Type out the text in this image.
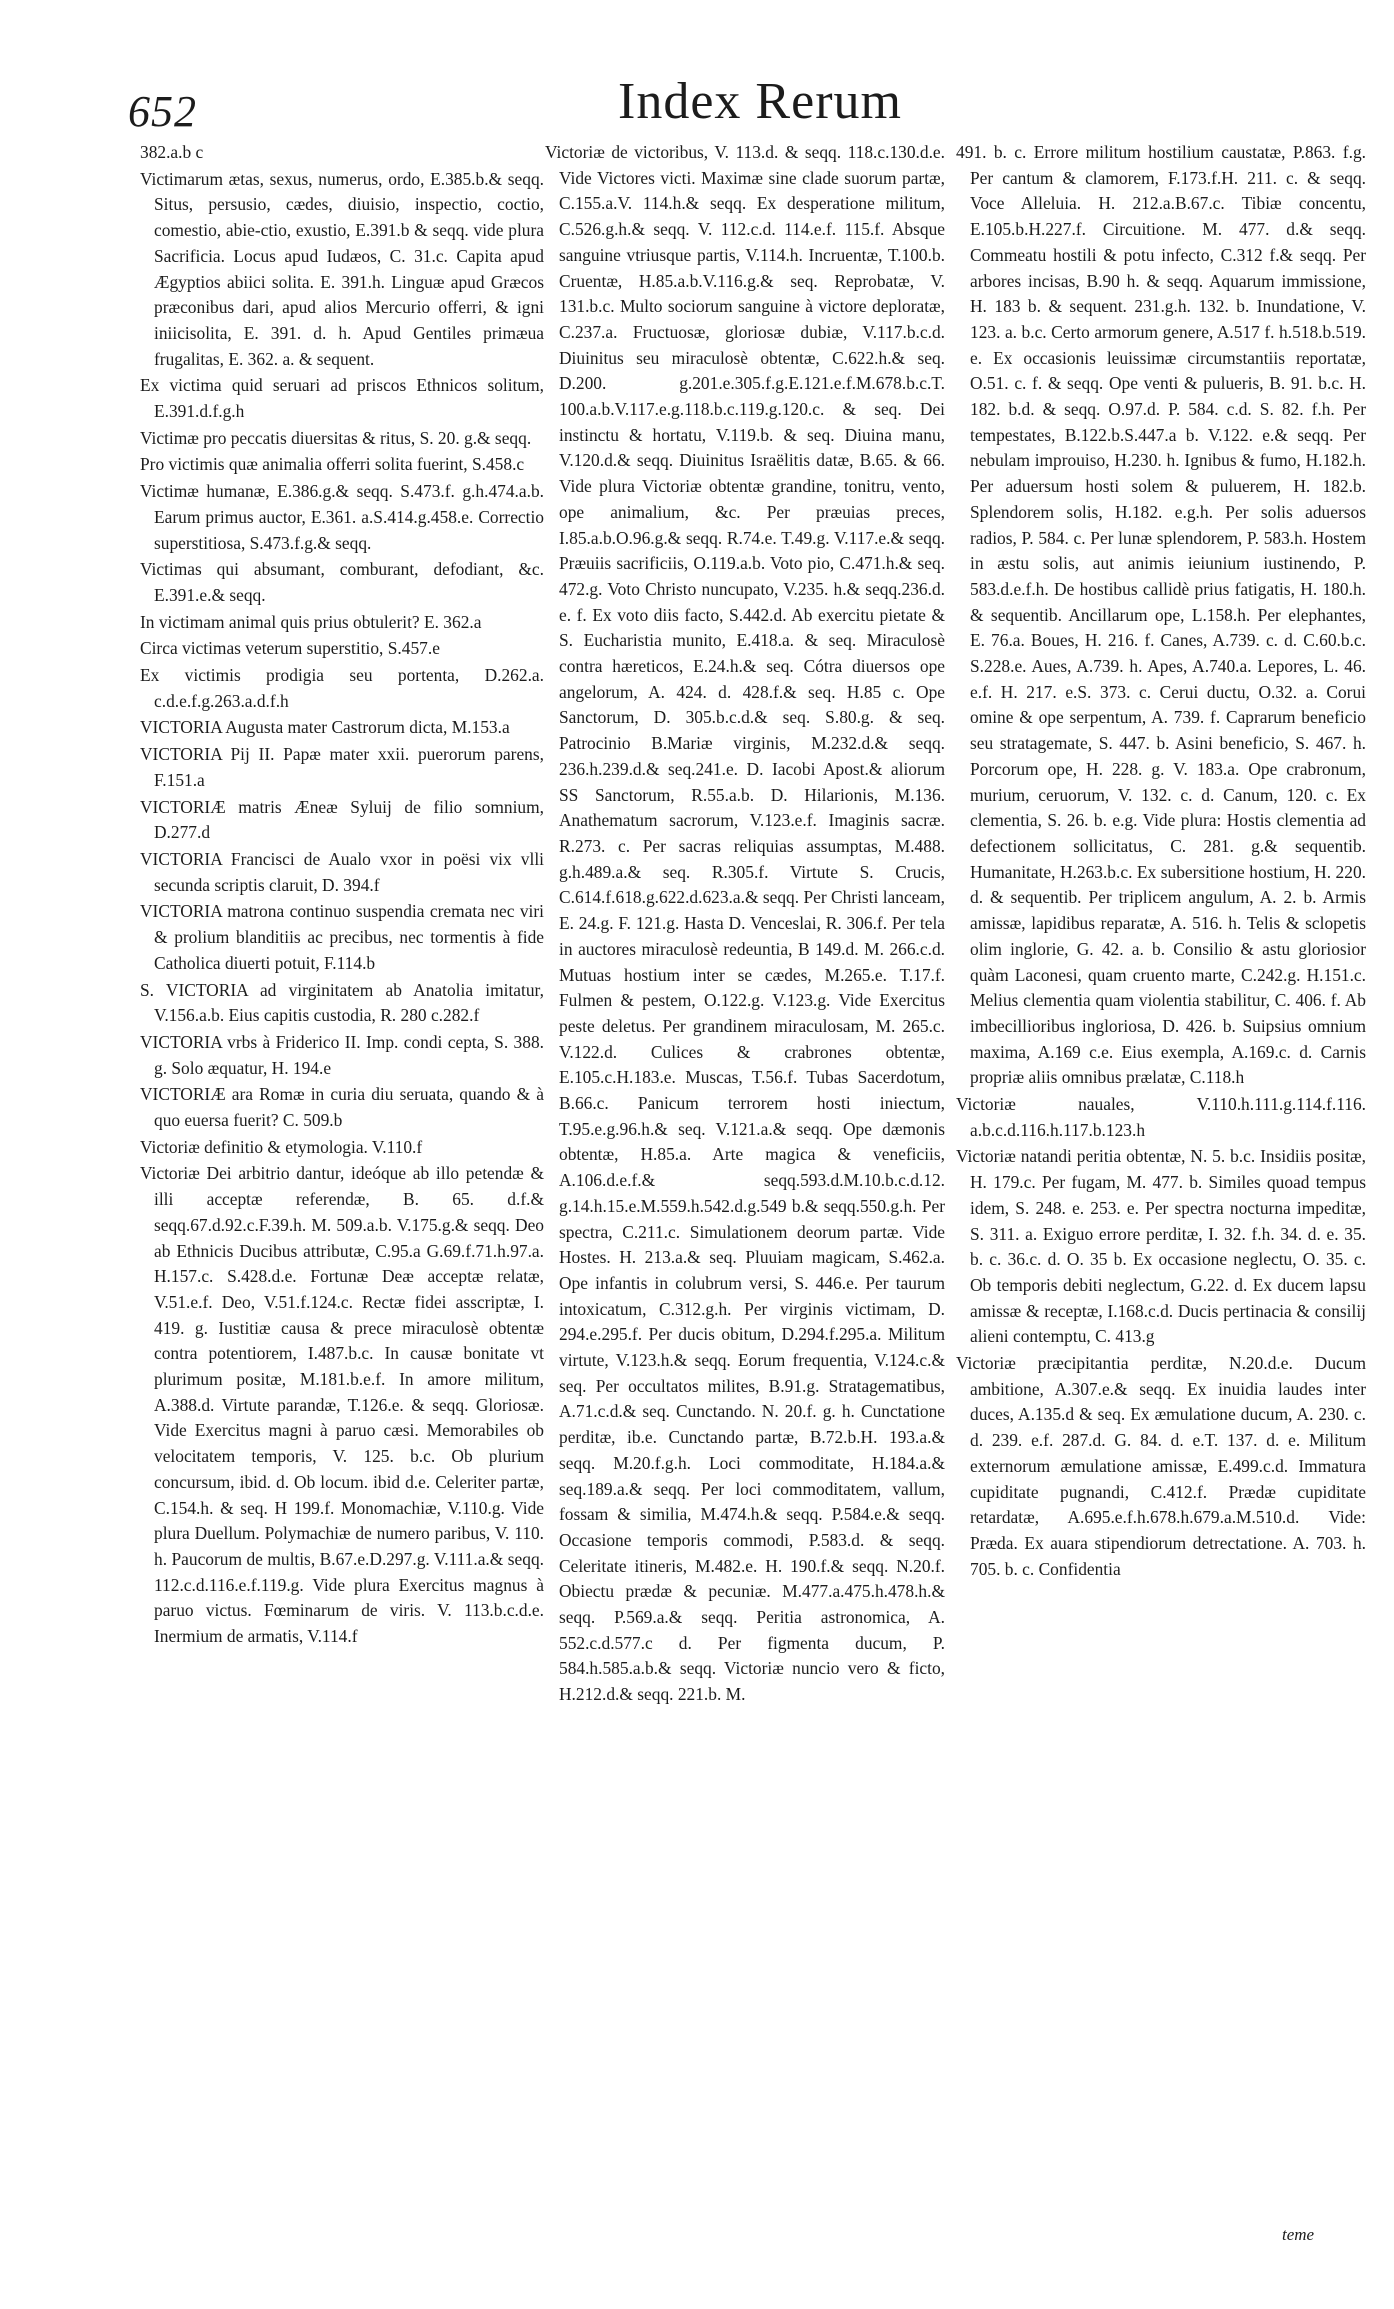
652	Index Rerum

382.a.b c

Victimarum ætas, sexus, numerus, ordo, E.385.b.& seqq. Situs, persusio, cædes, diuisio, inspectio, coctio, comestio, abie-ctio, exustio, E.391.b & seqq. vide plura Sacrificia. Locus apud Iudæos, C. 31.c. Capita apud Ægyptios abiici solita. E. 391.h. Linguæ apud Græcos præconibus dari, apud alios Mercurio offerri, & igni iniicisolita, E. 391. d. h. Apud Gentiles primæua frugalitas, E. 362. a. & sequent.

Ex victima quid seruari ad priscos Ethnicos solitum, E.391.d.f.g.h

Victimæ pro peccatis diuersitas & ritus, S. 20. g.& seqq.

Pro victimis quæ animalia offerri solita fuerint, S.458.c

Victimæ humanæ, E.386.g.& seqq. S.473.f. g.h.474.a.b. Earum primus auctor, E.361. a.S.414.g.458.e. Correctio superstitiosa, S.473.f.g.& seqq.

Victimas qui absumant, comburant, defodiant, &c. E.391.e.& seqq.

In victimam animal quis prius obtulerit? E. 362.a

Circa victimas veterum superstitio, S.457.e

Ex victimis prodigia seu portenta, D.262.a. c.d.e.f.g.263.a.d.f.h

VICTORIA Augusta mater Castrorum dicta, M.153.a

VICTORIA Pij II. Papæ mater xxii. puerorum parens, F.151.a

VICTORIÆ matris Æneæ Syluij de filio somnium, D.277.d

VICTORIA Francisci de Aualo vxor in poësi vix vlli secunda scriptis claruit, D. 394.f

VICTORIA matrona continuo suspendia cremata nec viri & prolium blanditiis ac precibus, nec tormentis à fide Catholica diuerti potuit, F.114.b

S. VICTORIA ad virginitatem ab Anatolia imitatur, V.156.a.b. Eius capitis custodia, R. 280 c.282.f

VICTORIA vrbs à Friderico II. Imp. condi cepta, S. 388. g. Solo æquatur, H. 194.e

VICTORIÆ ara Romæ in curia diu seruata, quando & à quo euersa fuerit? C. 509.b

Victoriæ definitio & etymologia. V.110.f

Victoriæ Dei arbitrio dantur, ideóque ab illo petendæ & illi acceptæ referendæ, B. 65. d.f.& seqq.67.d.92.c.F.39.h. M. 509.a.b. V.175.g.& seqq. Deo ab Ethnicis Ducibus attributæ, C.95.a G.69.f.71.h.97.a. H.157.c. S.428.d.e. Fortunæ Deæ acceptæ relatæ, V.51.e.f. Deo, V.51.f.124.c. Rectæ fidei asscriptæ, I. 419. g. Iustitiæ causa & prece miraculosè obtentæ contra potentiorem, I.487.b.c. In causæ bonitate vt plurimum positæ, M.181.b.e.f. In amore militum, A.388.d. Virtute parandæ, T.126.e. & seqq. Gloriosæ. Vide Exercitus magni à paruo cæsi. Memorabiles ob velocitatem temporis, V. 125. b.c. Ob plurium concursum, ibid. d. Ob locum. ibid d.e. Celeriter partæ, C.154.h. & seq. H 199.f. Monomachiæ, V.110.g. Vide plura Duellum. Polymachiæ de numero paribus, V. 110. h. Paucorum de multis, B.67.e.D.297.g. V.111.a.& seqq. 112.c.d.116.e.f.119.g. Vide plura Exercitus magnus à paruo victus. Fœminarum de viris. V. 113.b.c.d.e. Inermium de armatis, V.114.f

Victoriæ de victoribus, V. 113.d. & seqq. 118.c.130.d.e. Vide Victores victi. Maximæ sine clade suorum partæ, C.155.a.V. 114.h.& seqq. Ex desperatione militum, C.526.g.h.& seqq. V. 112.c.d. 114.e.f. 115.f. Absque sanguine vtriusque partis, V.114.h. Incruentæ, T.100.b. Cruentæ, H.85.a.b.V.116.g.& seq. Reprobatæ, V. 131.b.c. Multo sociorum sanguine à victore deploratæ, C.237.a. Fructuosæ, gloriosæ dubiæ, V.117.b.c.d. Diuinitus seu miraculosè obtentæ, C.622.h.& seq. D.200. g.201.e.305.f.g.E.121.e.f.M.678.b.c.T. 100.a.b.V.117.e.g.118.b.c.119.g.120.c. & seq. Dei instinctu & hortatu, V.119.b. & seq. Diuina manu, V.120.d.& seqq. Diuinitus Israëlitis datæ, B.65. & 66. Vide plura Victoriæ obtentæ grandine, tonitru, vento, ope animalium, &c. Per præuias preces, I.85.a.b.O.96.g.& seqq. R.74.e. T.49.g. V.117.e.& seqq. Præuiis sacrificiis, O.119.a.b. Voto pio, C.471.h.& seq. 472.g. Voto Christo nuncupato, V.235. h.& seqq.236.d. e. f. Ex voto diis facto, S.442.d. Ab exercitu pietate & S. Eucharistia munito, E.418.a. & seq. Miraculosè contra hæreticos, E.24.h.& seq. Cótra diuersos ope angelorum, A. 424. d. 428.f.& seq. H.85 c. Ope Sanctorum, D. 305.b.c.d.& seq. S.80.g. & seq. Patrocinio B.Mariæ virginis, M.232.d.& seqq. 236.h.239.d.& seq.241.e. D. Iacobi Apost.& aliorum SS Sanctorum, R.55.a.b. D. Hilarionis, M.136. Anathematum sacrorum, V.123.e.f. Imaginis sacræ. R.273. c. Per sacras reliquias assumptas, M.488. g.h.489.a.& seq. R.305.f. Virtute S. Crucis, C.614.f.618.g.622.d.623.a.& seqq. Per Christi lanceam, E. 24.g. F. 121.g. Hasta D. Venceslai, R. 306.f. Per tela in auctores miraculosè redeuntia, B 149.d. M. 266.c.d. Mutuas hostium inter se cædes, M.265.e. T.17.f. Fulmen & pestem, O.122.g. V.123.g. Vide Exercitus peste deletus. Per grandinem miraculosam, M. 265.c. V.122.d. Culices & crabrones obtentæ, E.105.c.H.183.e. Muscas, T.56.f. Tubas Sacerdotum, B.66.c. Panicum terrorem hosti iniectum, T.95.e.g.96.h.& seq. V.121.a.& seqq. Ope dæmonis obtentæ, H.85.a. Arte magica & veneficiis, A.106.d.e.f.& seqq.593.d.M.10.b.c.d.12. g.14.h.15.e.M.559.h.542.d.g.549 b.& seqq.550.g.h. Per spectra, C.211.c. Simulationem deorum partæ. Vide Hostes. H. 213.a.& seq. Pluuiam magicam, S.462.a. Ope infantis in colubrum versi, S. 446.e. Per taurum intoxicatum, C.312.g.h. Per virginis victimam, D. 294.e.295.f. Per ducis obitum, D.294.f.295.a. Militum virtute, V.123.h.& seqq. Eorum frequentia, V.124.c.& seq. Per occultatos milites, B.91.g. Stratagematibus, A.71.c.d.& seq. Cunctando. N. 20.f. g. h. Cunctatione perditæ, ib.e. Cunctando partæ, B.72.b.H. 193.a.& seqq. M.20.f.g.h. Loci commoditate, H.184.a.& seq.189.a.& seqq. Per loci commoditatem, vallum, fossam & similia, M.474.h.& seqq. P.584.e.& seqq. Occasione temporis commodi, P.583.d. & seqq. Celeritate itineris, M.482.e. H. 190.f.& seqq. N.20.f. Obiectu prædæ & pecuniæ. M.477.a.475.h.478.h.& seqq. P.569.a.& seqq. Peritia astronomica, A. 552.c.d.577.c d. Per figmenta ducum, P. 584.h.585.a.b.& seqq. Victoriæ nuncio vero & ficto, H.212.d.& seqq. 221.b. M.

491. b. c. Errore militum hostilium caustatæ, P.863. f.g. Per cantum & clamorem, F.173.f.H. 211. c. & seqq. Voce Alleluia. H. 212.a.B.67.c. Tibiæ concentu, E.105.b.H.227.f. Circuitione. M. 477. d.& seqq. Commeatu hostili & potu infecto, C.312 f.& seqq. Per arbores incisas, B.90 h. & seqq. Aquarum immissione, H. 183 b. & sequent. 231.g.h. 132. b. Inundatione, V. 123. a. b.c. Certo armorum genere, A.517 f. h.518.b.519. e. Ex occasionis leuissimæ circumstantiis reportatæ, O.51. c. f. & seqq. Ope venti & pulueris, B. 91. b.c. H. 182. b.d. & seqq. O.97.d. P. 584. c.d. S. 82. f.h. Per tempestates, B.122.b.S.447.a b. V.122. e.& seqq. Per nebulam improuiso, H.230. h. Ignibus & fumo, H.182.h. Per aduersum hosti solem & puluerem, H. 182.b. Splendorem solis, H.182. e.g.h. Per solis aduersos radios, P. 584. c. Per lunæ splendorem, P. 583.h. Hostem in æstu solis, aut animis ieiunium iustinendo, P. 583.d.e.f.h. De hostibus callidè prius fatigatis, H. 180.h. & sequentib. Ancillarum ope, L.158.h. Per elephantes, E. 76.a. Boues, H. 216. f. Canes, A.739. c. d. C.60.b.c. S.228.e. Aues, A.739. h. Apes, A.740.a. Lepores, L. 46. e.f. H. 217. e.S. 373. c. Cerui ductu, O.32. a. Corui omine & ope serpentum, A. 739. f. Caprarum beneficio seu stratagemate, S. 447. b. Asini beneficio, S. 467. h. Porcorum ope, H. 228. g. V. 183.a. Ope crabronum, murium, ceruorum, V. 132. c. d. Canum, 120. c. Ex clementia, S. 26. b. e.g. Vide plura: Hostis clementia ad defectionem sollicitatus, C. 281. g.& sequentib. Humanitate, H.263.b.c. Ex subersitione hostium, H. 220. d. & sequentib. Per triplicem angulum, A. 2. b. Armis amissæ, lapidibus reparatæ, A. 516. h. Telis & sclopetis olim inglorie, G. 42. a. b. Consilio & astu gloriosior quàm Laconesi, quam cruento marte, C.242.g. H.151.c. Melius clementia quam violentia stabilitur, C. 406. f. Ab imbecillioribus ingloriosa, D. 426. b. Suipsius omnium maxima, A.169 c.e. Eius exempla, A.169.c. d. Carnis propriæ aliis omnibus prælatæ, C.118.h

Victoriæ nauales, V.110.h.111.g.114.f.116. a.b.c.d.116.h.117.b.123.h

Victoriæ natandi peritia obtentæ, N. 5. b.c. Insidiis positæ, H. 179.c. Per fugam, M. 477. b. Similes quoad tempus idem, S. 248. e. 253. e. Per spectra nocturna impeditæ, S. 311. a. Exiguo errore perditæ, I. 32. f.h. 34. d. e. 35. b. c. 36.c. d. O. 35 b. Ex occasione neglectu, O. 35. c. Ob temporis debiti neglectum, G.22. d. Ex ducem lapsu amissæ & receptæ, I.168.c.d. Ducis pertinacia & consilij alieni contemptu, C. 413.g

Victoriæ præcipitantia perditæ, N.20.d.e. Ducum ambitione, A.307.e.& seqq. Ex inuidia laudes inter duces, A.135.d & seq. Ex æmulatione ducum, A. 230. c. d. 239. e.f. 287.d. G. 84. d. e.T. 137. d. e. Militum externorum æmulatione amissæ, E.499.c.d. Immatura cupiditate pugnandi, C.412.f. Prædæ cupiditate retardatæ, A.695.e.f.h.678.h.679.a.M.510.d. Vide: Præda. Ex auara stipendiorum detrectatione. A. 703. h. 705. b. c. Confidentia

teme
